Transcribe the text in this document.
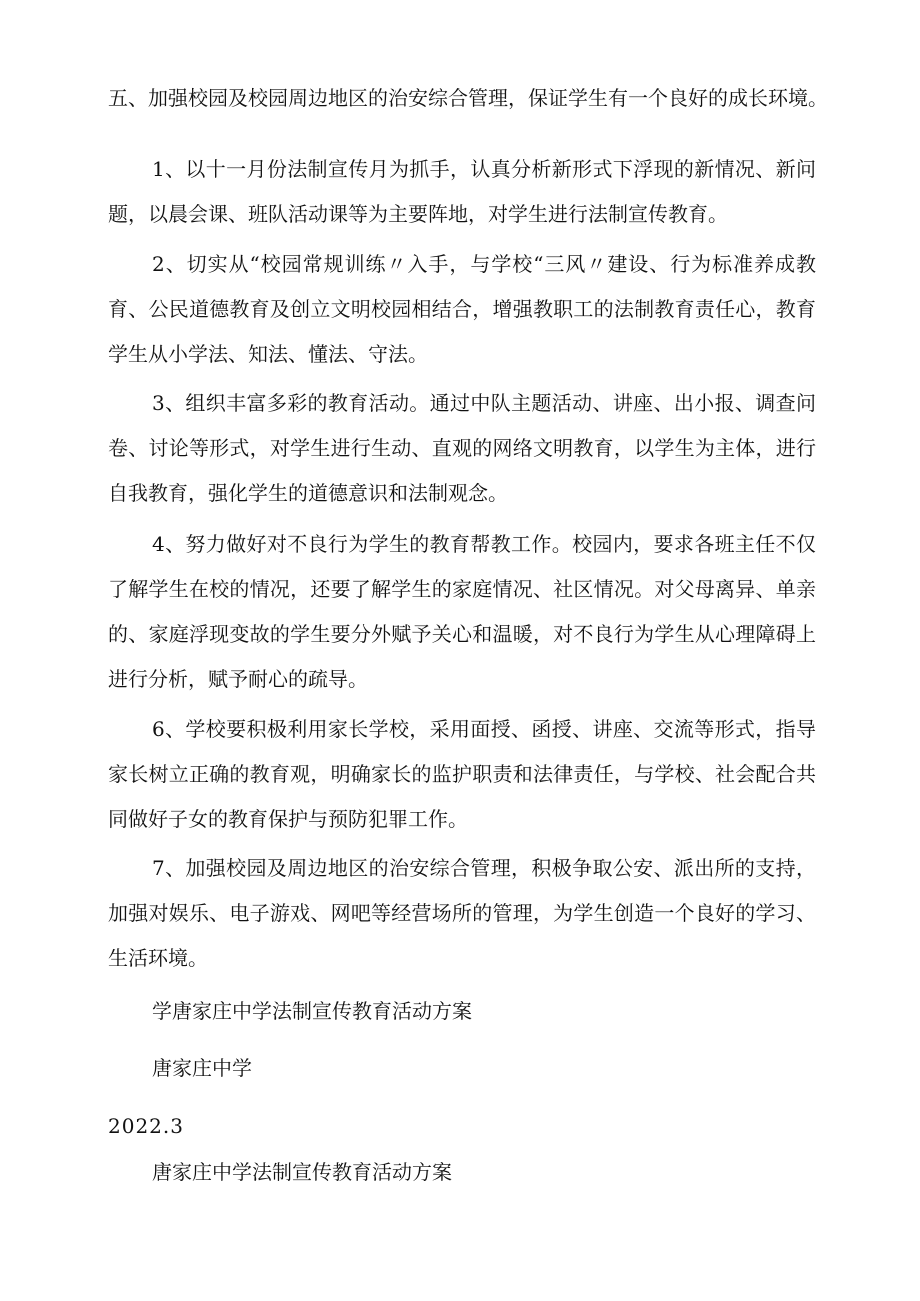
五、加强校园及校园周边地区的治安综合管理，保证学生有一个良好的成长环境。
1、以十一月份法制宣传月为抓手，认真分析新形式下浮现的新情况、新问题，以晨会课、班队活动课等为主要阵地，对学生进行法制宣传教育。
2、切实从“校园常规训练〃入手，与学校“三风〃建设、行为标准养成教育、公民道德教育及创立文明校园相结合，增强教职工的法制教育责任心，教育学生从小学法、知法、懂法、守法。
3、组织丰富多彩的教育活动。通过中队主题活动、讲座、出小报、调查问卷、讨论等形式，对学生进行生动、直观的网络文明教育，以学生为主体，进行自我教育，强化学生的道德意识和法制观念。
4、努力做好对不良行为学生的教育帮教工作。校园内，要求各班主任不仅了解学生在校的情况，还要了解学生的家庭情况、社区情况。对父母离异、单亲的、家庭浮现变故的学生要分外赋予关心和温暖，对不良行为学生从心理障碍上进行分析，赋予耐心的疏导。
6、学校要积极利用家长学校，采用面授、函授、讲座、交流等形式，指导家长树立正确的教育观，明确家长的监护职责和法律责任，与学校、社会配合共同做好子女的教育保护与预防犯罪工作。
7、加强校园及周边地区的治安综合管理，积极争取公安、派出所的支持，加强对娱乐、电子游戏、网吧等经营场所的管理，为学生创造一个良好的学习、生活环境。
学唐家庄中学法制宣传教育活动方案
唐家庄中学
2022.3
唐家庄中学法制宣传教育活动方案
